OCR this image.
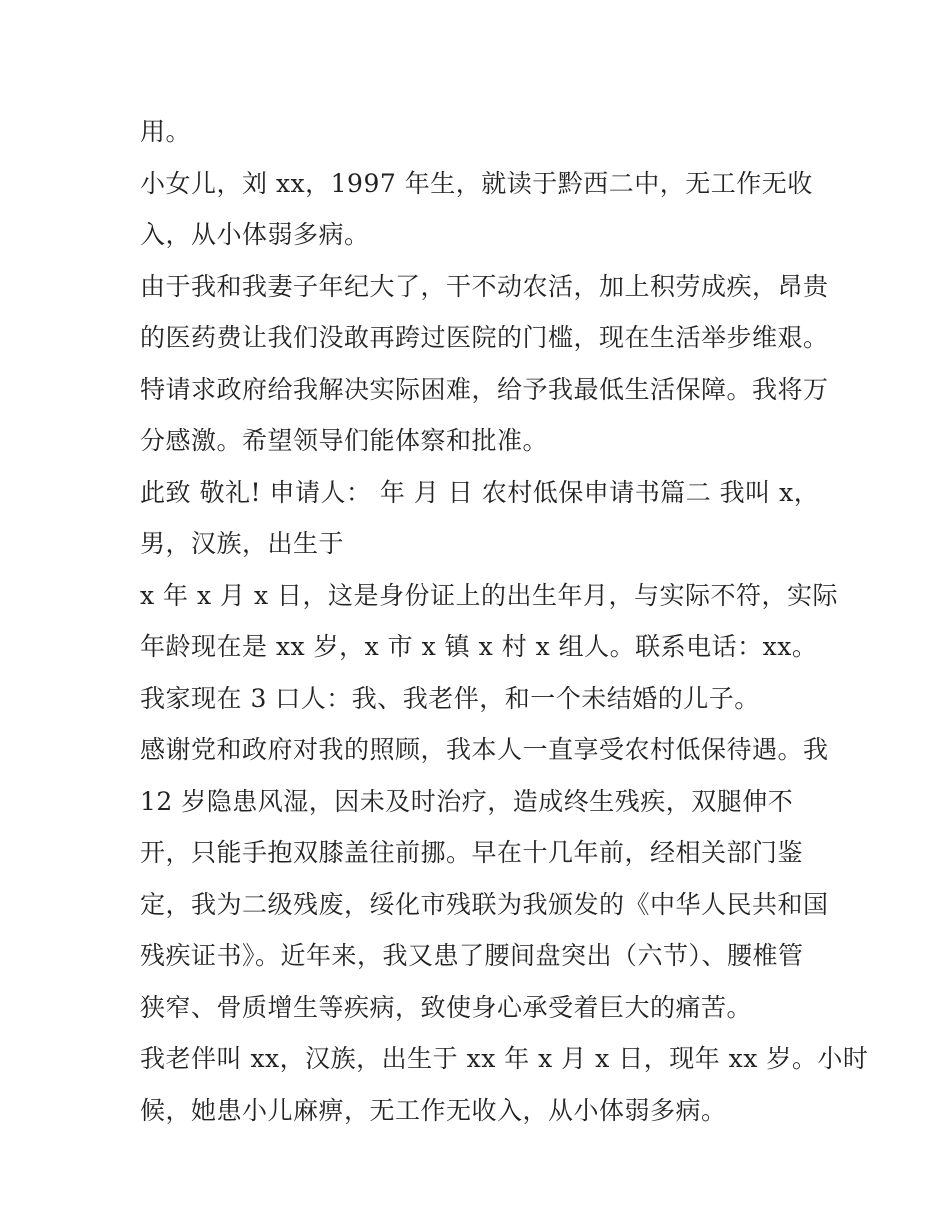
用。
小女儿，刘 xx，1997 年生，就读于黔西二中，无工作无收
入，从小体弱多病。
由于我和我妻子年纪大了，干不动农活，加上积劳成疾，昂贵
的医药费让我们没敢再跨过医院的门槛，现在生活举步维艰。
特请求政府给我解决实际困难，给予我最低生活保障。我将万
分感激。希望领导们能体察和批准。
此致 敬礼! 申请人： 年 月 日 农村低保申请书篇二 我叫 x，
男，汉族，出生于
x 年 x 月 x 日，这是身份证上的出生年月，与实际不符，实际
年龄现在是 xx 岁，x 市 x 镇 x 村 x 组人。联系电话：xx。
我家现在 3 口人：我、我老伴，和一个未结婚的儿子。
感谢党和政府对我的照顾，我本人一直享受农村低保待遇。我
12 岁隐患风湿，因未及时治疗，造成终生残疾，双腿伸不
开，只能手抱双膝盖往前挪。早在十几年前，经相关部门鉴
定，我为二级残废，绥化市残联为我颁发的《中华人民共和国
残疾证书》。近年来，我又患了腰间盘突出（六节）、腰椎管
狭窄、骨质增生等疾病，致使身心承受着巨大的痛苦。
我老伴叫 xx，汉族，出生于 xx 年 x 月 x 日，现年 xx 岁。小时
候，她患小儿麻痹，无工作无收入，从小体弱多病。
